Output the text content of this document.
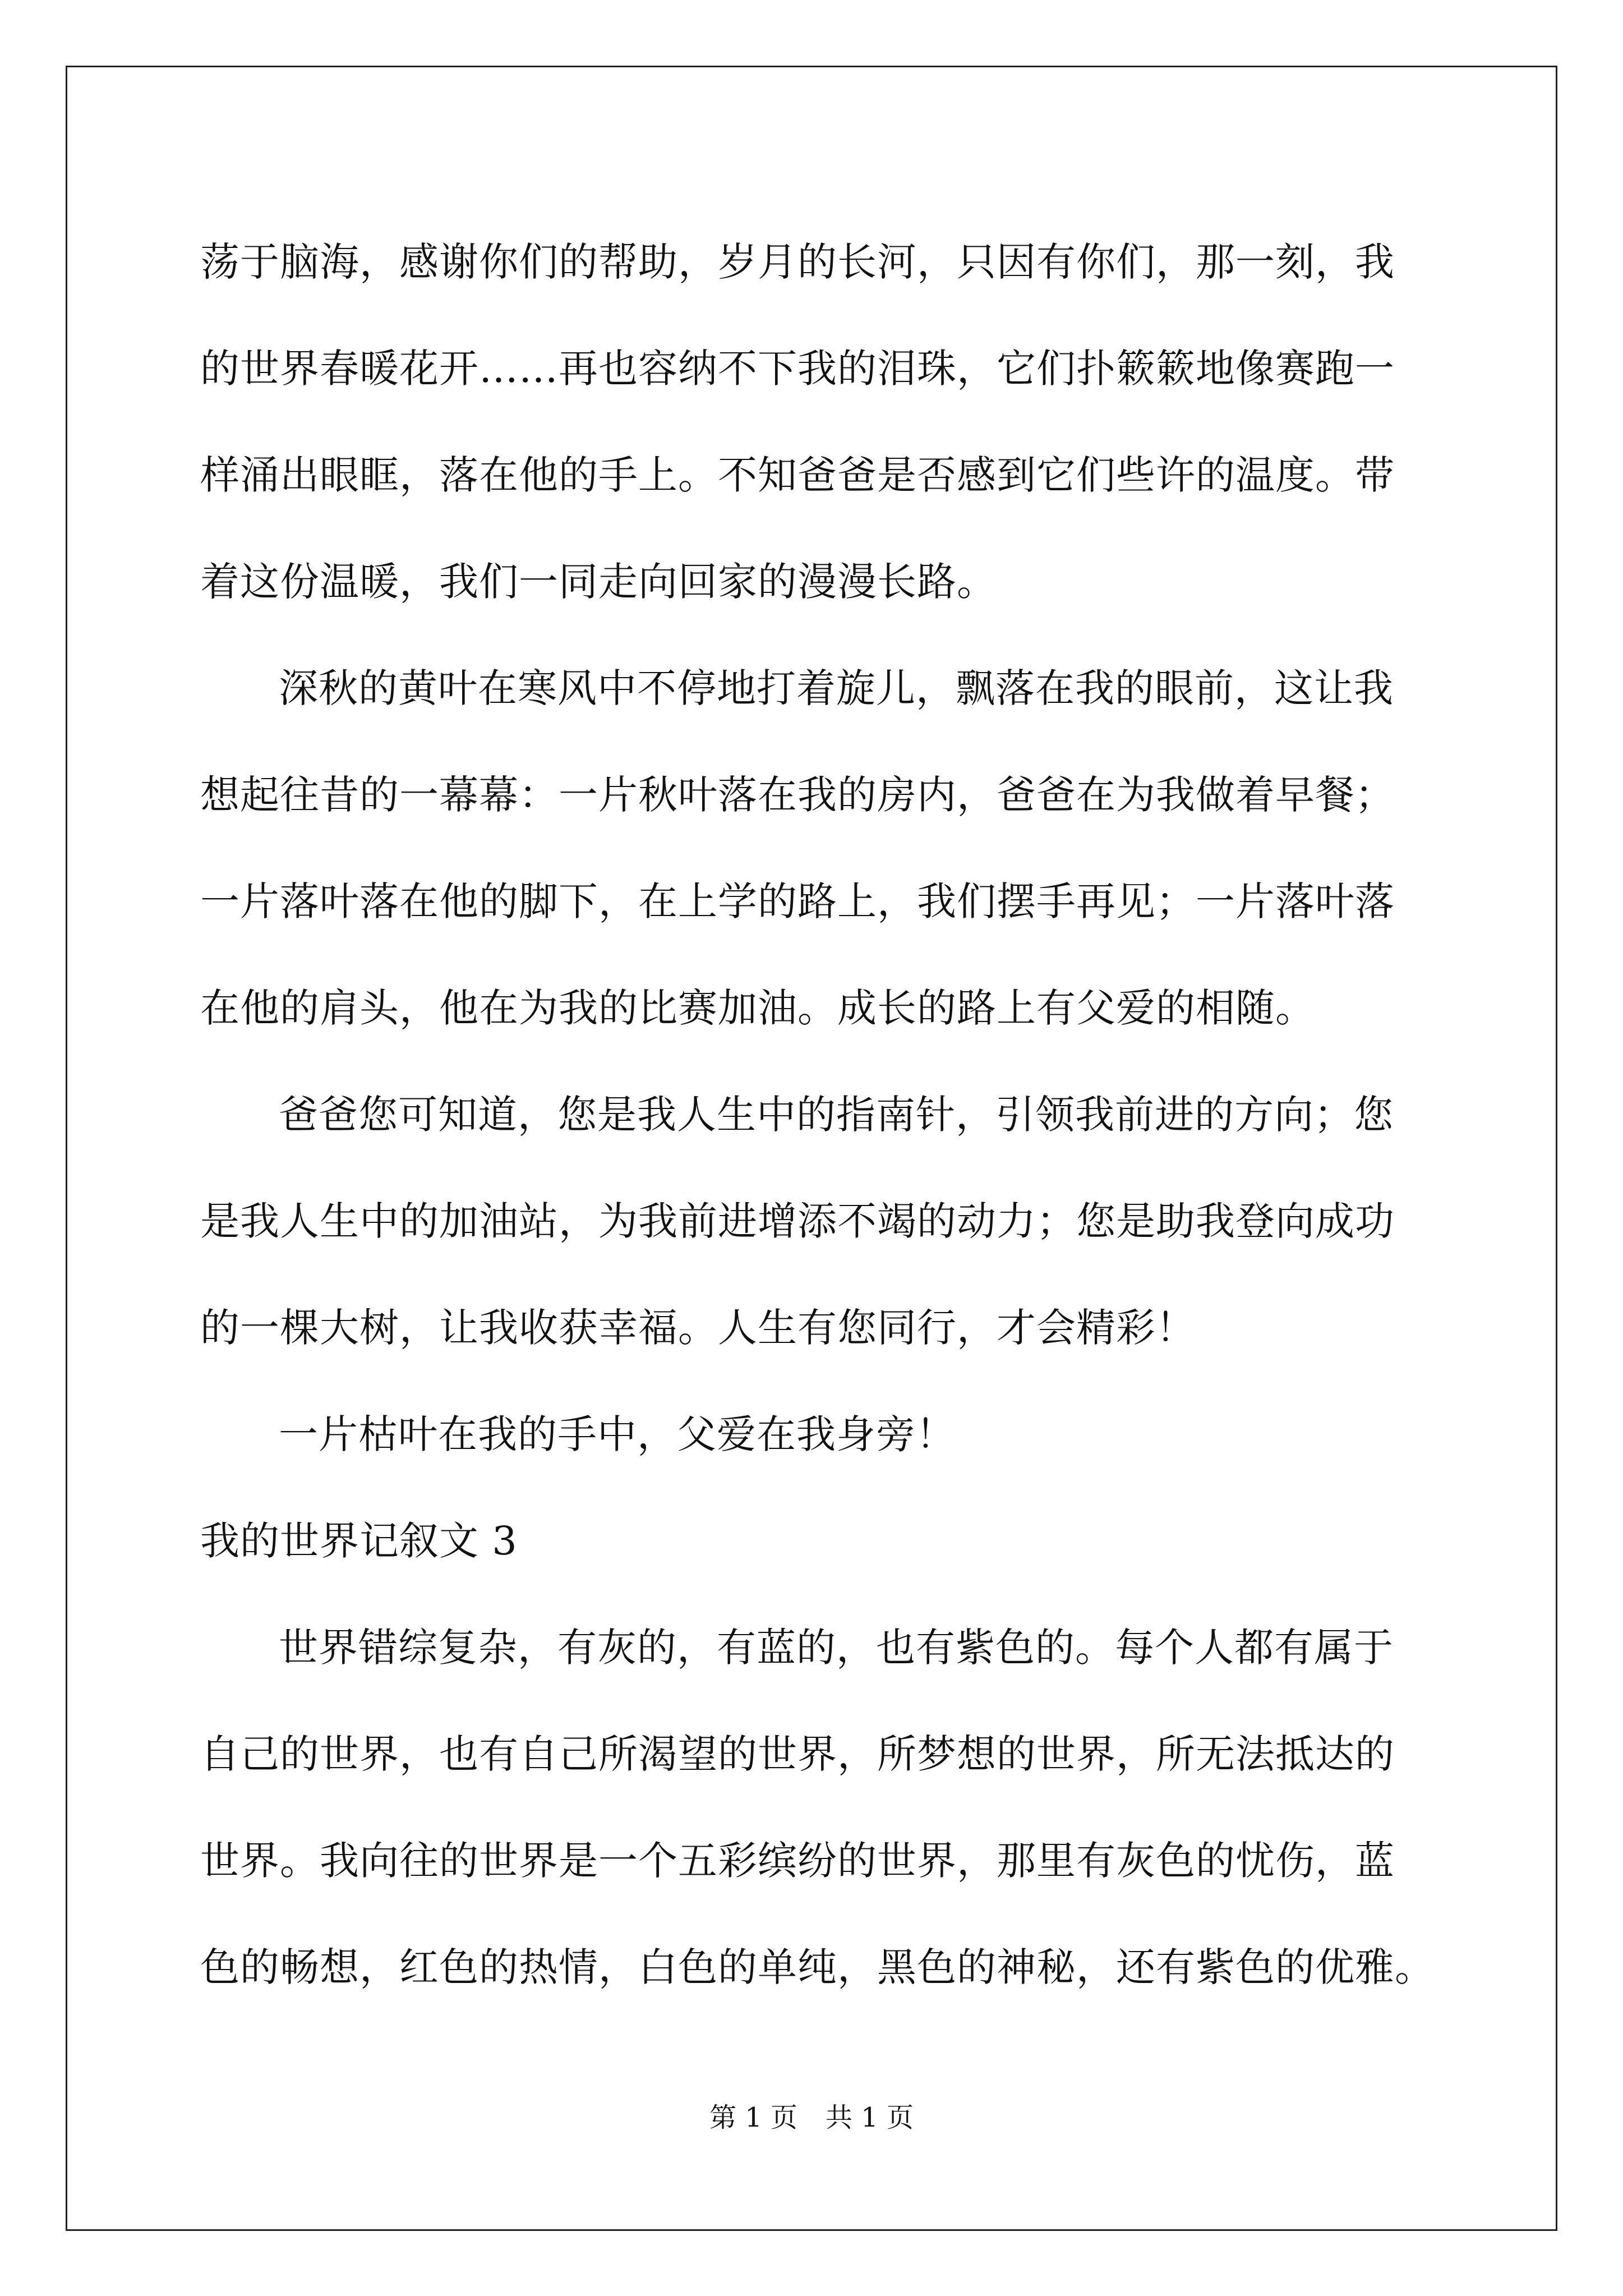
荡于脑海，感谢你们的帮助，岁月的长河，只因有你们，那一刻，我
的世界春暖花开……再也容纳不下我的泪珠，它们扑簌簌地像赛跑一
样涌出眼眶，落在他的手上。不知爸爸是否感到它们些许的温度。带
着这份温暖，我们一同走向回家的漫漫长路。
深秋的黄叶在寒风中不停地打着旋儿，飘落在我的眼前，这让我
想起往昔的一幕幕：一片秋叶落在我的房内，爸爸在为我做着早餐；
一片落叶落在他的脚下，在上学的路上，我们摆手再见；一片落叶落
在他的肩头，他在为我的比赛加油。成长的路上有父爱的相随。
爸爸您可知道，您是我人生中的指南针，引领我前进的方向；您
是我人生中的加油站，为我前进增添不竭的动力；您是助我登向成功
的一棵大树，让我收获幸福。人生有您同行，才会精彩！
一片枯叶在我的手中，父爱在我身旁！
我的世界记叙文 3
世界错综复杂，有灰的，有蓝的，也有紫色的。每个人都有属于
自己的世界，也有自己所渴望的世界，所梦想的世界，所无法抵达的
世界。我向往的世界是一个五彩缤纷的世界，那里有灰色的忧伤，蓝
色的畅想，红色的热情，白色的单纯，黑色的神秘，还有紫色的优雅。
第 1 页 共 1 页
